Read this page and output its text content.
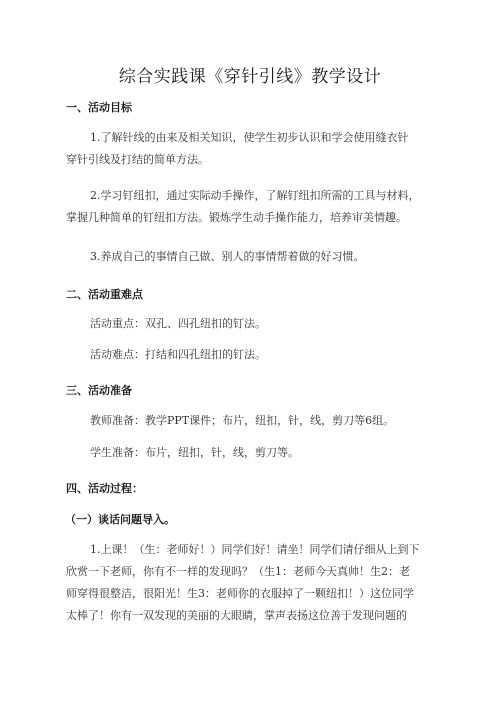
综合实践课《穿针引线》教学设计
一、活动目标
1.了解针线的由来及相关知识，使学生初步认识和学会使用缝衣针
穿针引线及打结的简单方法。
2.学习钉纽扣，通过实际动手操作，了解钉纽扣所需的工具与材料，
掌握几种简单的钉纽扣方法。锻炼学生动手操作能力，培养审美情趣。
3.养成自己的事情自己做、别人的事情帮着做的好习惯。
二、活动重难点
活动重点：双孔、四孔纽扣的钉法。
活动难点：打结和四孔纽扣的钉法。
三、活动准备
教师准备：教学PPT课件；布片，纽扣，针，线，剪刀等6组。
学生准备：布片，纽扣，针，线，剪刀等。
四、活动过程：
（一）谈话问题导入。
1.上课！（生：老师好！）同学们好！请坐！同学们请仔细从上到下
欣赏一下老师，你有不一样的发现吗？（生1：老师今天真帅！生2：老
师穿得很整洁，很阳光！生3：老师你的衣服掉了一颗纽扣！）这位同学
太棒了！你有一双发现的美丽的大眼睛，掌声表扬这位善于发现问题的
